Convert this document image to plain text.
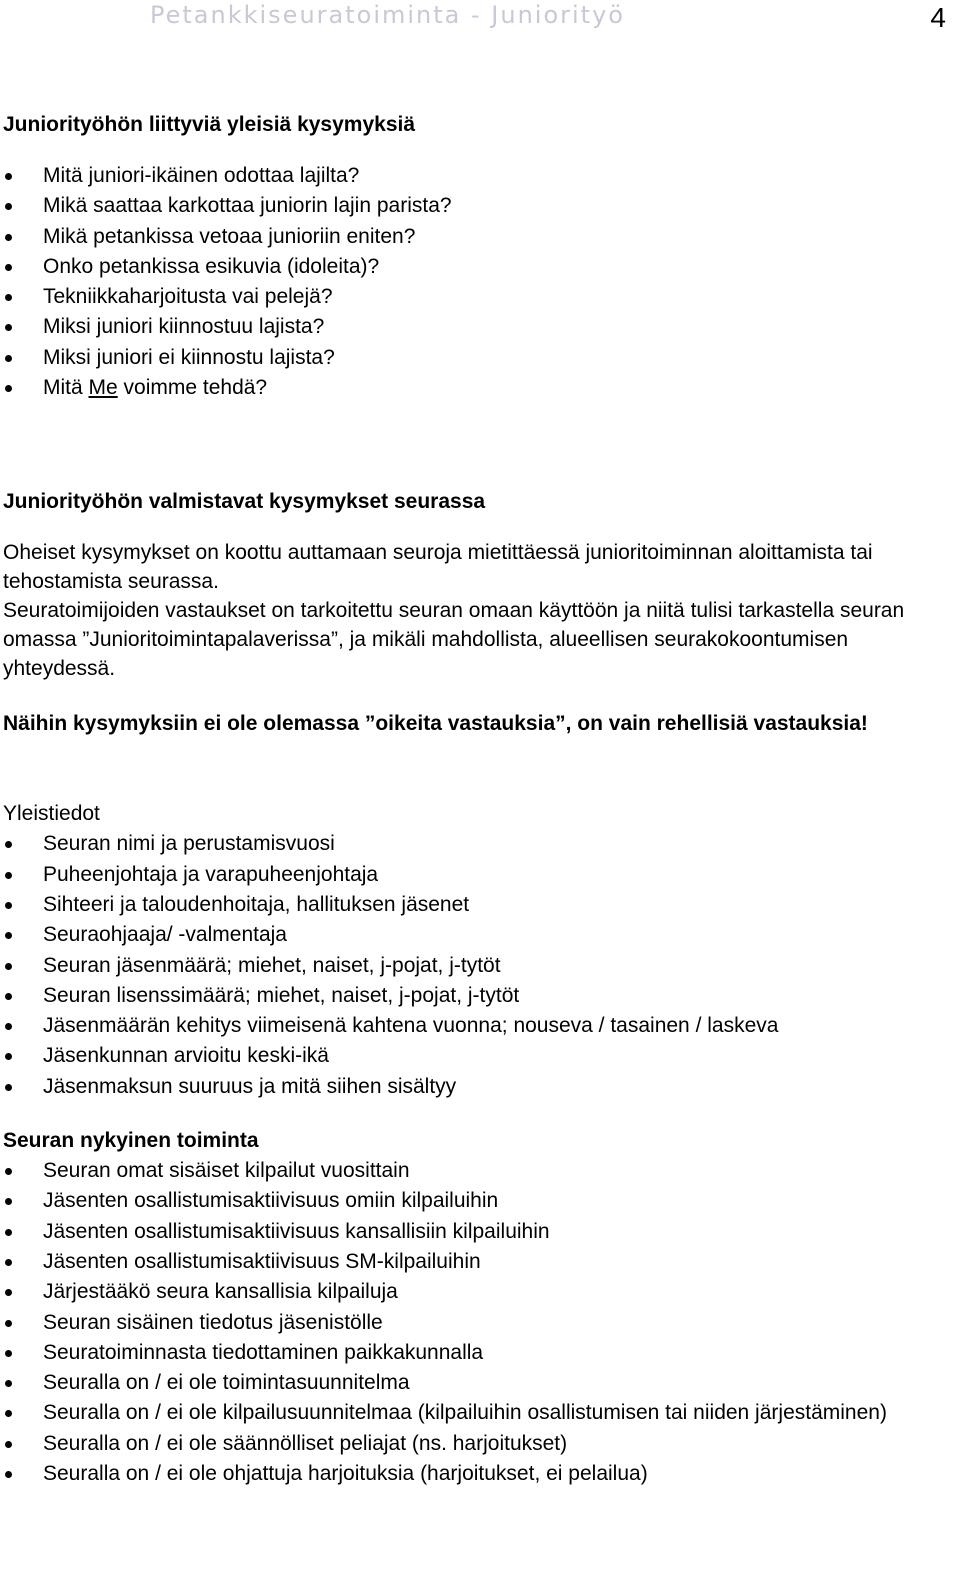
Petankkiseuratoiminta - Juniorityö	4
Juniorityöhön liittyviä yleisiä kysymyksiä
Mitä juniori-ikäinen odottaa lajilta?
Mikä saattaa karkottaa juniorin lajin parista?
Mikä petankissa vetoaa junioriin eniten?
Onko petankissa esikuvia (idoleita)?
Tekniikkaharjoitusta vai pelejä?
Miksi juniori kiinnostuu lajista?
Miksi juniori ei kiinnostu lajista?
Mitä Me voimme tehdä?
Juniorityöhön valmistavat kysymykset seurassa

Oheiset kysymykset on koottu auttamaan seuroja mietittäessä junioritoiminnan aloittamista tai tehostamista seurassa.

Seuratoimijoiden vastaukset on tarkoitettu seuran omaan käyttöön ja niitä tulisi tarkastella seuran omassa ”Junioritoimintapalaverissa”, ja mikäli mahdollista, alueellisen seurakokoontumisen yhteydessä.

Näihin kysymyksiin ei ole olemassa ”oikeita vastauksia”, on vain rehellisiä vastauksia!
Yleistiedot
Seuran nimi ja perustamisvuosi
Puheenjohtaja ja varapuheenjohtaja
Sihteeri ja taloudenhoitaja, hallituksen jäsenet
Seuraohjaaja/ -valmentaja
Seuran jäsenmäärä; miehet, naiset, j-pojat, j-tytöt
Seuran lisenssimäärä; miehet, naiset, j-pojat, j-tytöt
Jäsenmäärän kehitys viimeisenä kahtena vuonna; nouseva / tasainen / laskeva
Jäsenkunnan arvioitu keski-ikä
Jäsenmaksun suuruus ja mitä siihen sisältyy
Seuran nykyinen toiminta
Seuran omat sisäiset kilpailut vuosittain
Jäsenten osallistumisaktiivisuus omiin kilpailuihin
Jäsenten osallistumisaktiivisuus kansallisiin kilpailuihin
Jäsenten osallistumisaktiivisuus SM-kilpailuihin
Järjestääkö seura kansallisia kilpailuja
Seuran sisäinen tiedotus jäsenistölle
Seuratoiminnasta tiedottaminen paikkakunnalla
Seuralla on / ei ole toimintasuunnitelma
Seuralla on / ei ole kilpailusuunnitelmaa (kilpailuihin osallistumisen tai niiden järjestäminen)
Seuralla on / ei ole säännölliset peliajat (ns. harjoitukset)
Seuralla on / ei ole ohjattuja harjoituksia (harjoitukset, ei pelailua)
